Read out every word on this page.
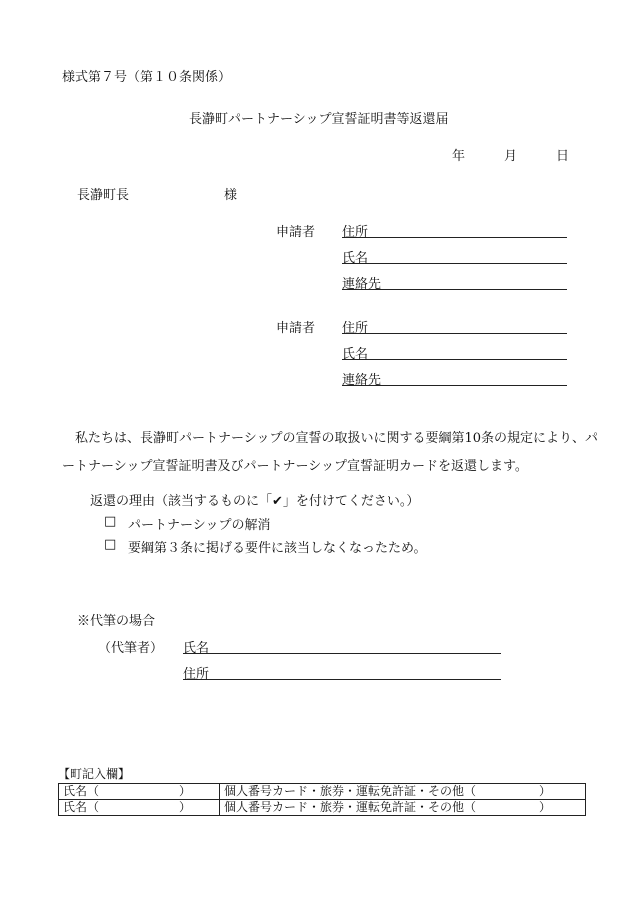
様式第７号（第１０条関係）
長瀞町パートナーシップ宣誓証明書等返還届
年	月	日
長瀞町長	様
申請者 住所
氏名
連絡先
申請者 住所
氏名
連絡先
　私たちは、長瀞町パートナーシップの宣誓の取扱いに関する要綱第10条の規定により、パートナーシップ宣誓証明書及びパートナーシップ宣誓証明カードを返還します。
返還の理由（該当するものに「✔」を付けてください。）
□ パートナーシップの解消
□ 要綱第３条に掲げる要件に該当しなくなったため。
※代筆の場合
（代筆者） 氏名
住所
【町記入欄】
氏名（ ）	個人番号カード・旅券・運転免許証・その他（ ）

氏名（ ）	個人番号カード・旅券・運転免許証・その他（ ）
